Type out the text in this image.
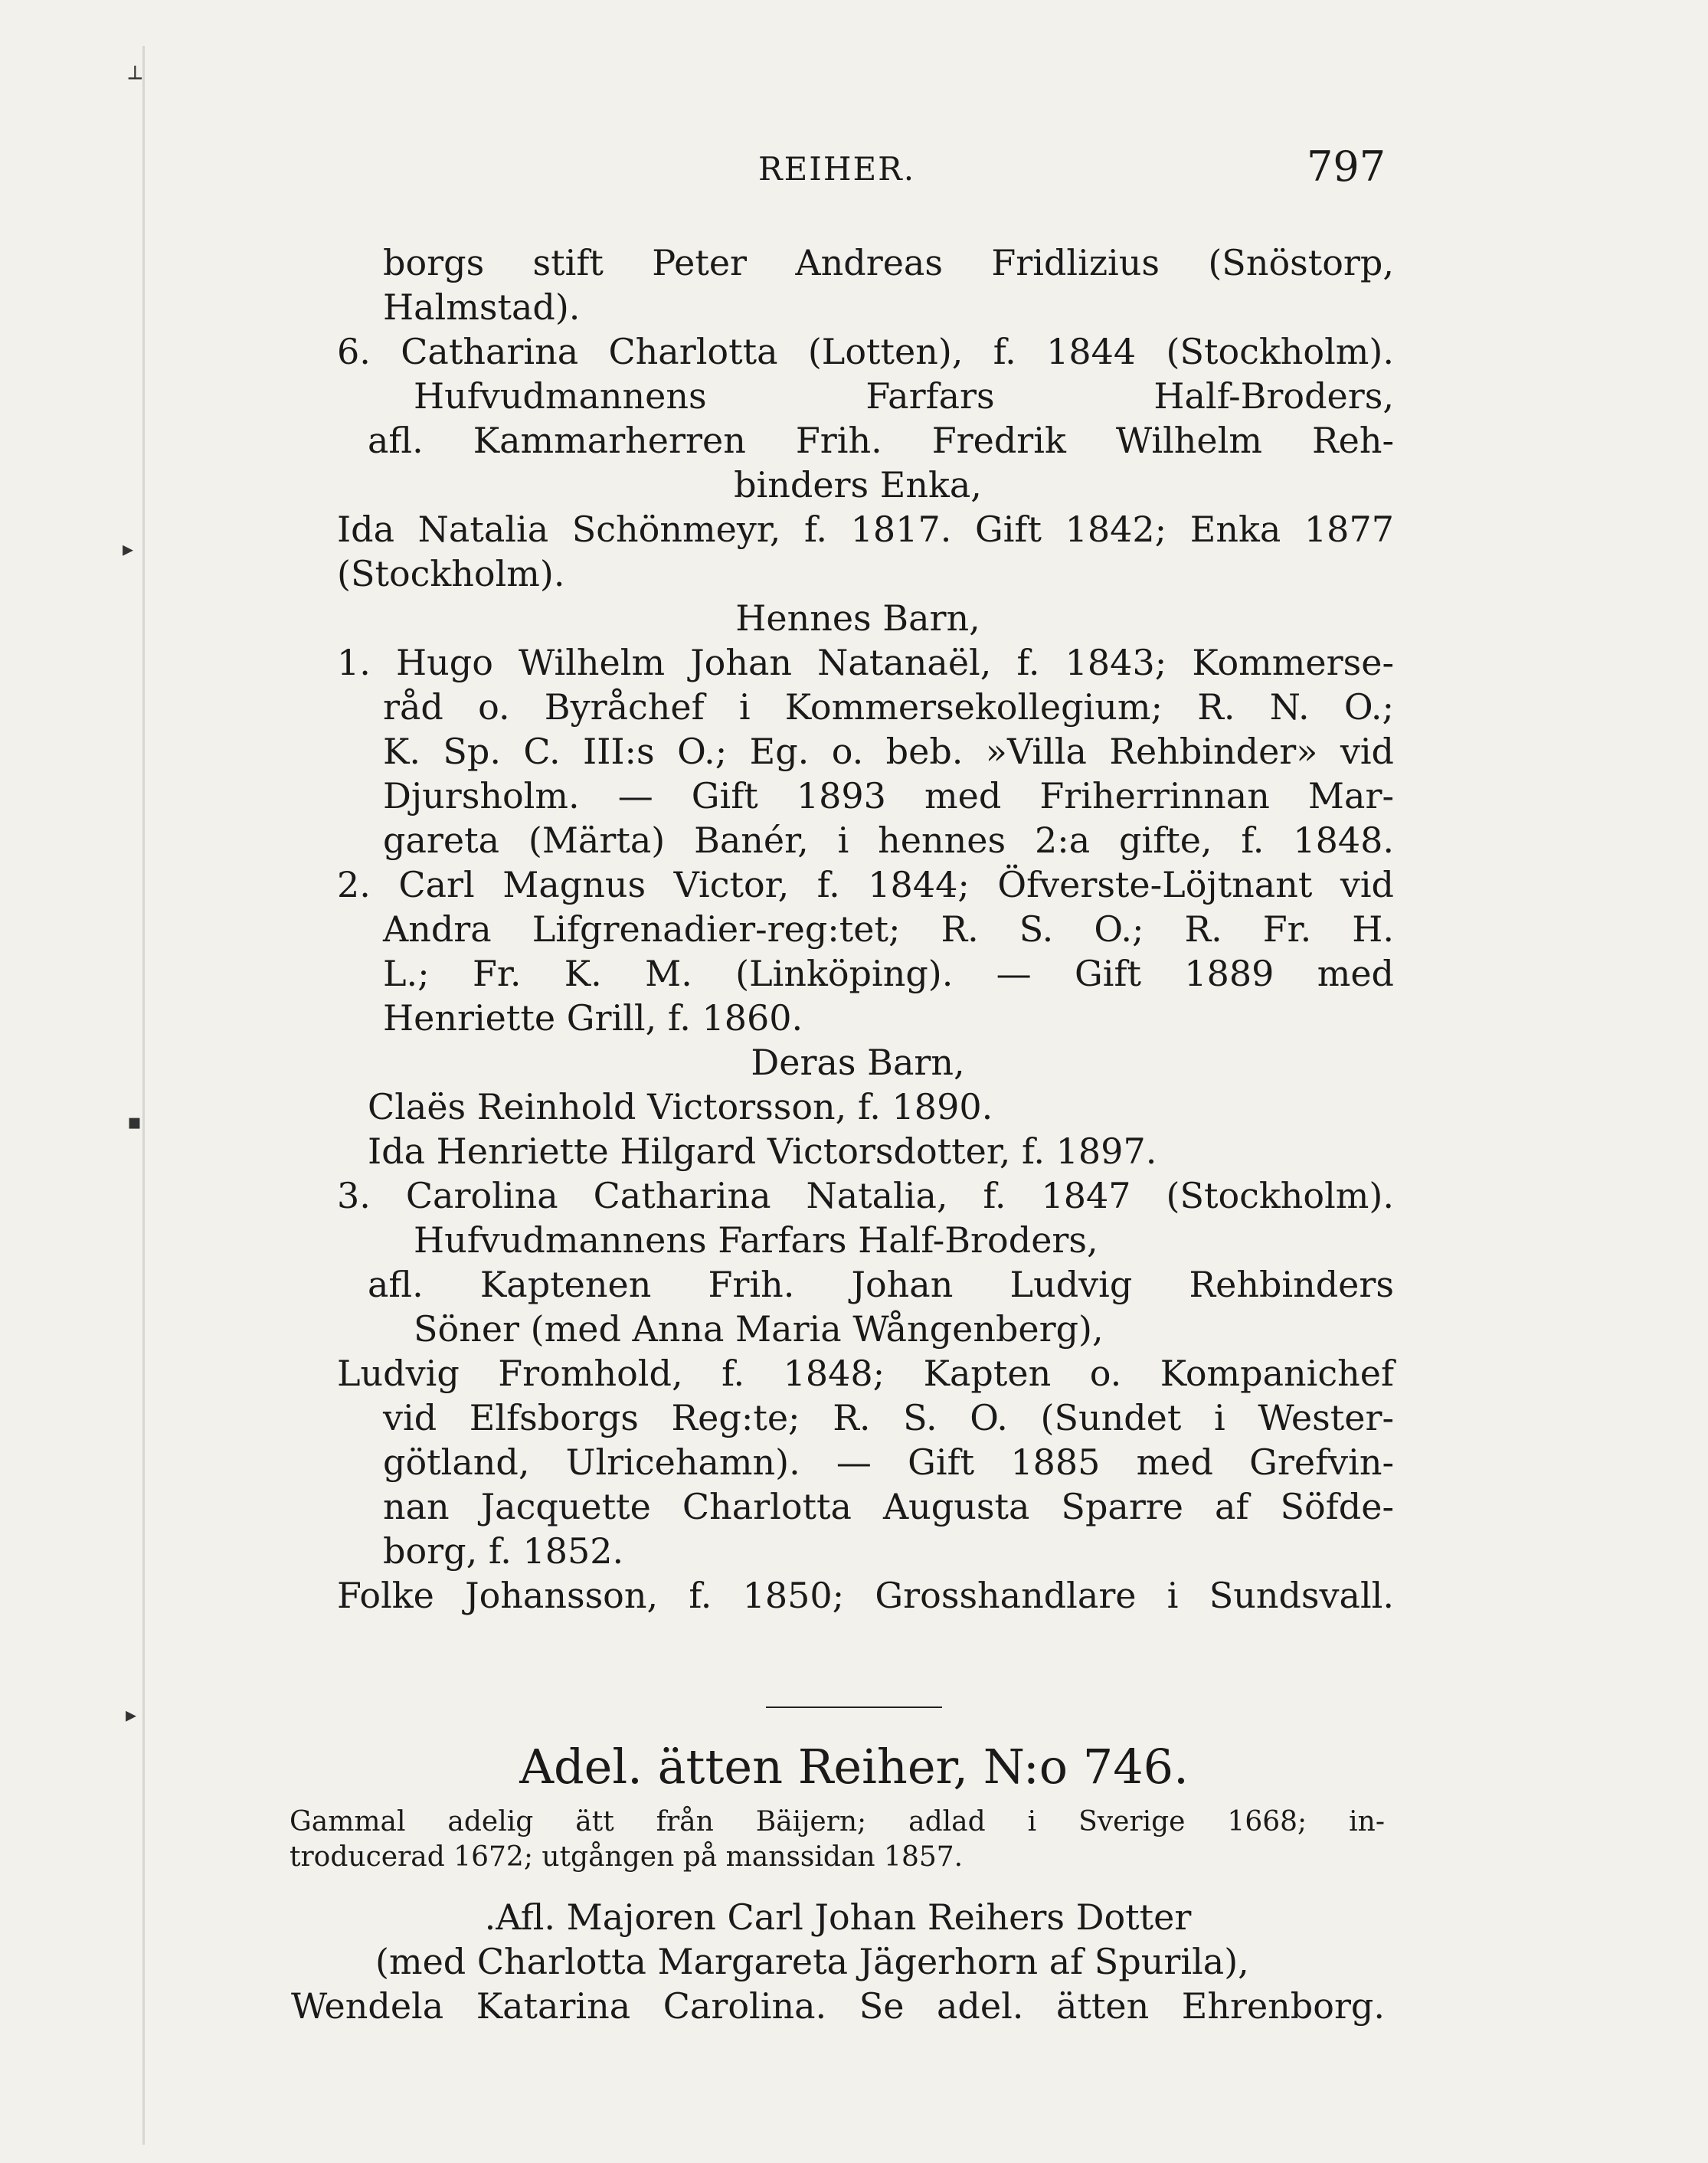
┴
▸
▪
▸
REIHER.	797
borgs stift Peter Andreas Fridlizius (Snöstorp,
Halmstad).
6. Catharina Charlotta (Lotten), f. 1844 (Stockholm).
Hufvudmannens Farfars Half-Broders,
afl. Kammarherren Frih. Fredrik Wilhelm Reh-
binders Enka,
Ida Natalia Schönmeyr, f. 1817. Gift 1842; Enka 1877
(Stockholm).
Hennes Barn,
1. Hugo Wilhelm Johan Natanaël, f. 1843; Kommerse-
råd o. Byråchef i Kommersekollegium; R. N. O.;
K. Sp. C. III:s O.; Eg. o. beb. »Villa Rehbinder» vid
Djursholm. — Gift 1893 med Friherrinnan Mar-
gareta (Märta) Banér, i hennes 2:a gifte, f. 1848.
2. Carl Magnus Victor, f. 1844; Öfverste-Löjtnant vid
Andra Lifgrenadier-reg:tet; R. S. O.; R. Fr. H.
L.; Fr. K. M. (Linköping). — Gift 1889 med
Henriette Grill, f. 1860.
Deras Barn,
Claës Reinhold Victorsson, f. 1890.
Ida Henriette Hilgard Victorsdotter, f. 1897.
3. Carolina Catharina Natalia, f. 1847 (Stockholm).
Hufvudmannens Farfars Half-Broders,
afl. Kaptenen Frih. Johan Ludvig Rehbinders
Söner (med Anna Maria Wångenberg),
Ludvig Fromhold, f. 1848; Kapten o. Kompanichef
vid Elfsborgs Reg:te; R. S. O. (Sundet i Wester-
götland, Ulricehamn). — Gift 1885 med Grefvin-
nan Jacquette Charlotta Augusta Sparre af Söfde-
borg, f. 1852.
Folke Johansson, f. 1850; Grosshandlare i Sundsvall.
Adel. ätten Reiher, N:o 746.
Gammal adelig ätt från Bäijern; adlad i Sverige 1668; in-
troducerad 1672; utgången på manssidan 1857.
.Afl. Majoren Carl Johan Reihers Dotter
(med Charlotta Margareta Jägerhorn af Spurila),
Wendela Katarina Carolina. Se adel. ätten Ehrenborg.
